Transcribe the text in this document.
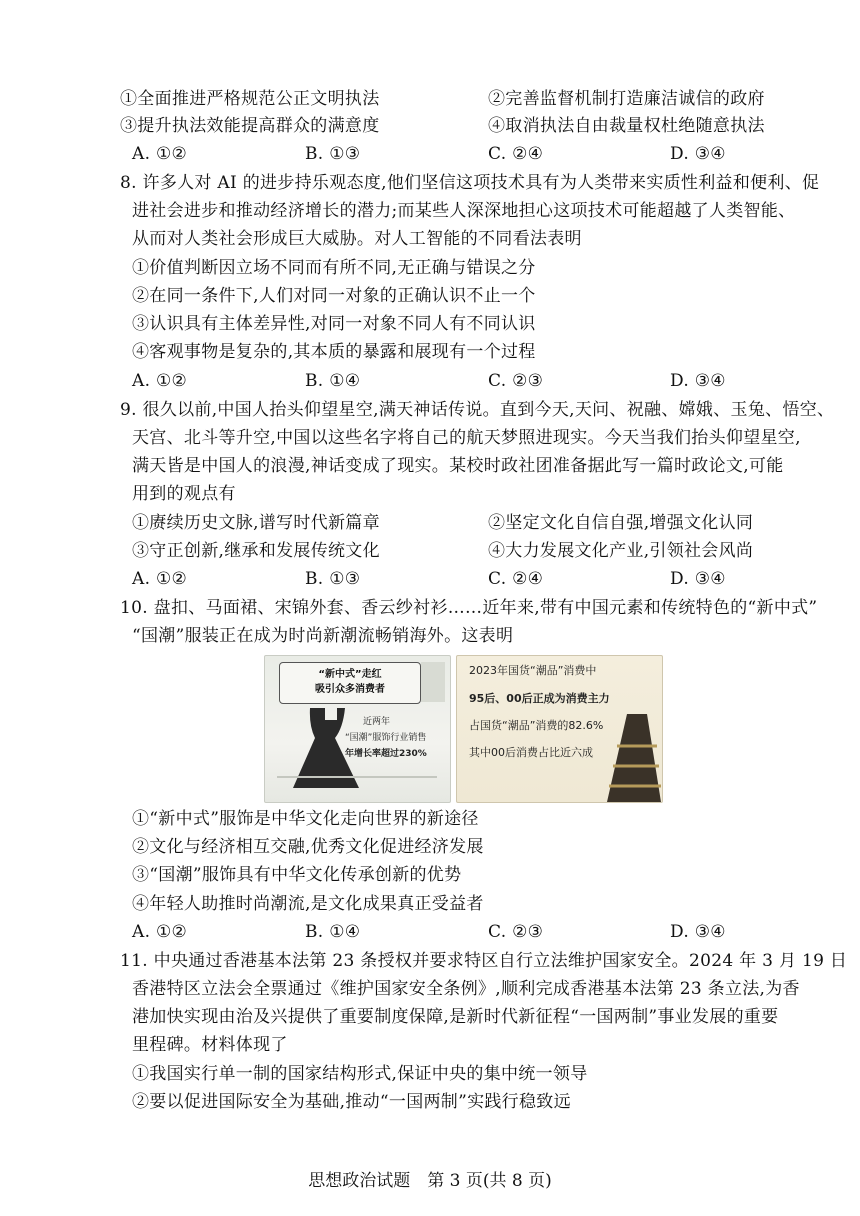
①全面推进严格规范公正文明执法	②完善监督机制打造廉洁诚信的政府
③提升执法效能提高群众的满意度	④取消执法自由裁量权杜绝随意执法
A. ①②	B. ①③	C. ②④	D. ③④
8. 许多人对 AI 的进步持乐观态度,他们坚信这项技术具有为人类带来实质性利益和便利、促
进社会进步和推动经济增长的潜力;而某些人深深地担心这项技术可能超越了人类智能、
从而对人类社会形成巨大威胁。对人工智能的不同看法表明
①价值判断因立场不同而有所不同,无正确与错误之分
②在同一条件下,人们对同一对象的正确认识不止一个
③认识具有主体差异性,对同一对象不同人有不同认识
④客观事物是复杂的,其本质的暴露和展现有一个过程
A. ①②	B. ①④	C. ②③	D. ③④
9. 很久以前,中国人抬头仰望星空,满天神话传说。直到今天,天问、祝融、嫦娥、玉兔、悟空、
天宫、北斗等升空,中国以这些名字将自己的航天梦照进现实。今天当我们抬头仰望星空,
满天皆是中国人的浪漫,神话变成了现实。某校时政社团准备据此写一篇时政论文,可能
用到的观点有
①赓续历史文脉,谱写时代新篇章	②坚定文化自信自强,增强文化认同
③守正创新,继承和发展传统文化	④大力发展文化产业,引领社会风尚
A. ①②	B. ①③	C. ②④	D. ③④
10. 盘扣、马面裙、宋锦外套、香云纱衬衫……近年来,带有中国元素和传统特色的“新中式”
“国潮”服装正在成为时尚新潮流畅销海外。这表明
“新中式”走红
吸引众多消费者
近两年
“国潮”服饰行业销售
年增长率超过230%
2023年国货“潮品”消费中
95后、00后正成为消费主力
占国货“潮品”消费的82.6%
其中00后消费占比近六成
①“新中式”服饰是中华文化走向世界的新途径
②文化与经济相互交融,优秀文化促进经济发展
③“国潮”服饰具有中华文化传承创新的优势
④年轻人助推时尚潮流,是文化成果真正受益者
A. ①②	B. ①④	C. ②③	D. ③④
11. 中央通过香港基本法第 23 条授权并要求特区自行立法维护国家安全。2024 年 3 月 19 日
香港特区立法会全票通过《维护国家安全条例》,顺利完成香港基本法第 23 条立法,为香
港加快实现由治及兴提供了重要制度保障,是新时代新征程“一国两制”事业发展的重要
里程碑。材料体现了
①我国实行单一制的国家结构形式,保证中央的集中统一领导
②要以促进国际安全为基础,推动“一国两制”实践行稳致远
思想政治试题　第 3 页(共 8 页)
